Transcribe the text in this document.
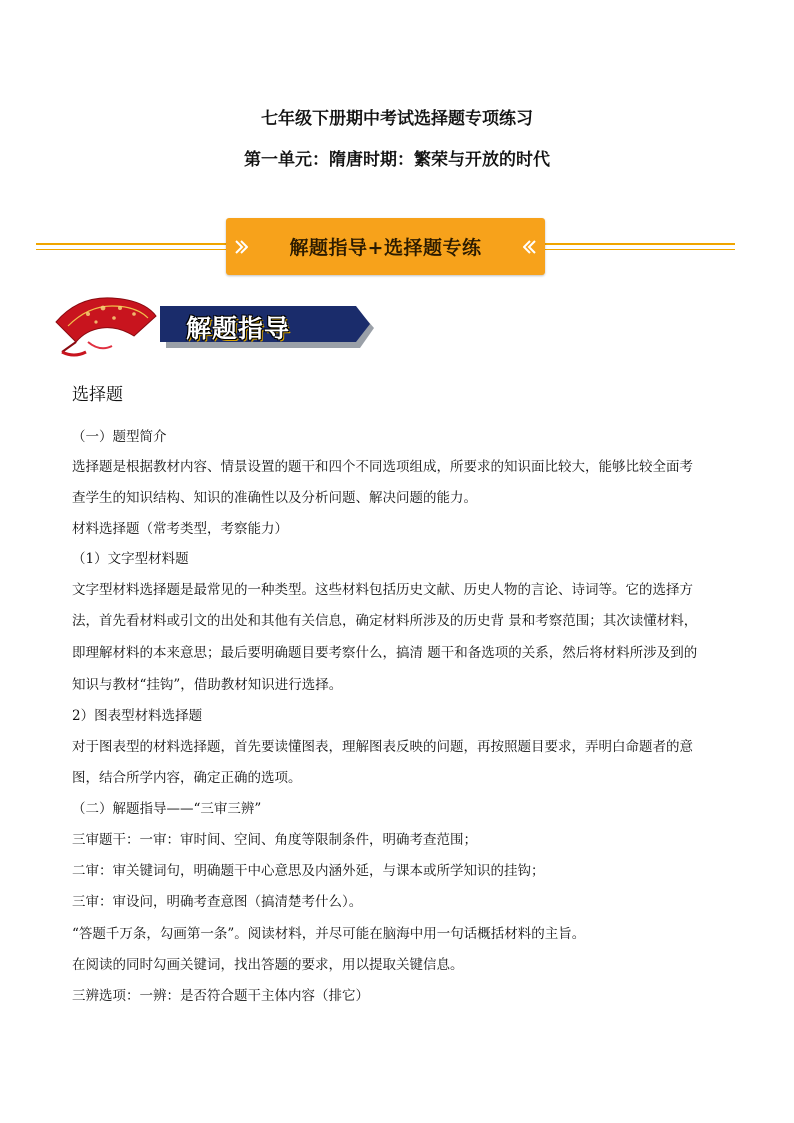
七年级下册期中考试选择题专项练习
第一单元：隋唐时期：繁荣与开放的时代
解题指导+选择题专练
解题指导
选择题
（一）题型简介
选择题是根据教材内容、情景设置的题干和四个不同选项组成，所要求的知识面比较大，能够比较全面考
查学生的知识结构、知识的准确性以及分析问题、解决问题的能力。
材料选择题（常考类型，考察能力）
（1）文字型材料题
文字型材料选择题是最常见的一种类型。这些材料包括历史文献、历史人物的言论、诗词等。它的选择方
法，首先看材料或引文的出处和其他有关信息，确定材料所涉及的历史背 景和考察范围；其次读懂材料，
即理解材料的本来意思；最后要明确题目要考察什么，搞清 题干和备选项的关系，然后将材料所涉及到的
知识与教材“挂钩”，借助教材知识进行选择。
2）图表型材料选择题
对于图表型的材料选择题，首先要读懂图表，理解图表反映的问题，再按照题目要求，弄明白命题者的意
图，结合所学内容，确定正确的选项。
（二）解题指导——“三审三辨”
三审题干：一审：审时间、空间、角度等限制条件，明确考查范围；
二审：审关键词句，明确题干中心意思及内涵外延，与课本或所学知识的挂钩；
三审：审设问，明确考查意图（搞清楚考什么）。
“答题千万条，勾画第一条”。阅读材料，并尽可能在脑海中用一句话概括材料的主旨。
在阅读的同时勾画关键词，找出答题的要求，用以提取关键信息。
三辨选项：一辨：是否符合题干主体内容（排它）
